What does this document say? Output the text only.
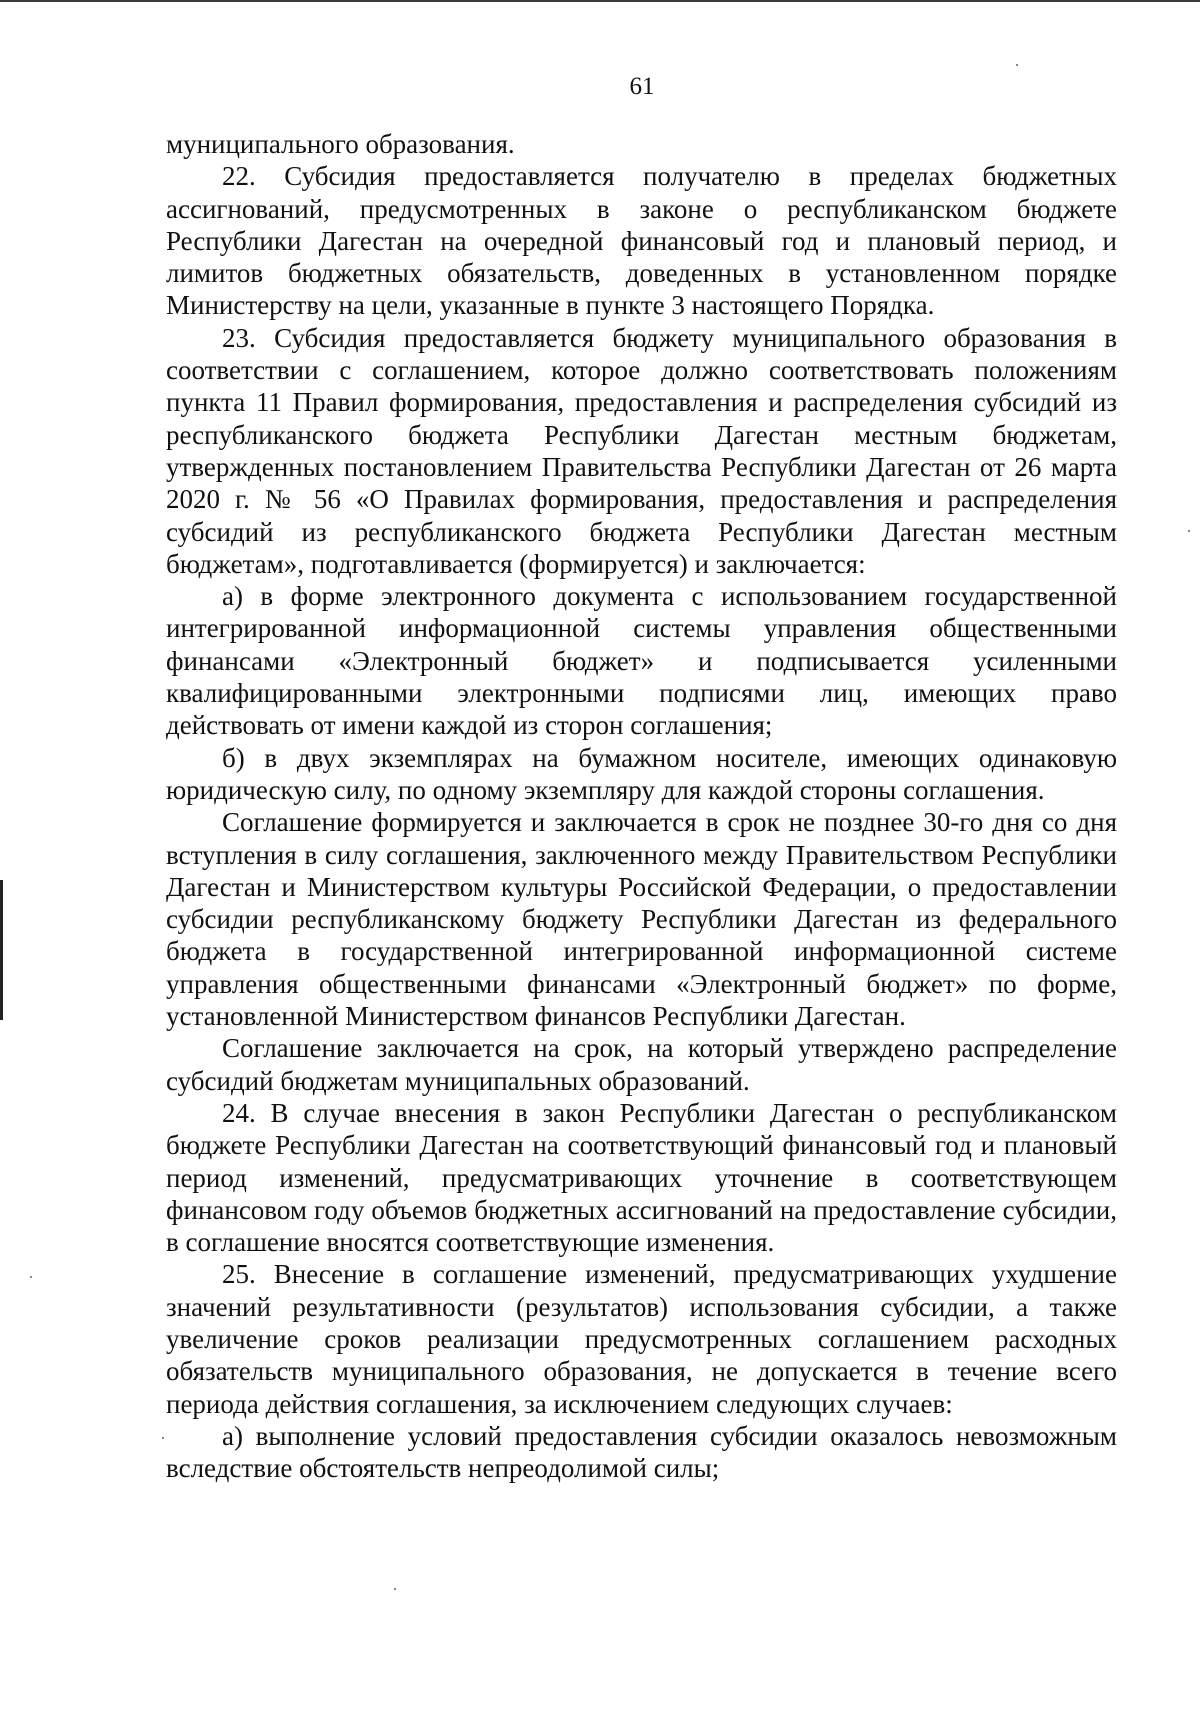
61

муниципального образования.

22. Субсидия предоставляется получателю в пределах бюджетных ассигнований, предусмотренных в законе о республиканском бюджете Республики Дагестан на очередной финансовый год и плановый период, и лимитов бюджетных обязательств, доведенных в установленном порядке Министерству на цели, указанные в пункте 3 настоящего Порядка.

23. Субсидия предоставляется бюджету муниципального образования в соответствии с соглашением, которое должно соответствовать положениям пункта 11 Правил формирования, предоставления и распределения субсидий из республиканского бюджета Республики Дагестан местным бюджетам, утвержденных постановлением Правительства Республики Дагестан от 26 марта 2020 г. № 56 «О Правилах формирования, предоставления и распределения субсидий из республиканского бюджета Республики Дагестан местным бюджетам», подготавливается (формируется) и заключается:

а) в форме электронного документа с использованием государственной интегрированной информационной системы управления общественными финансами «Электронный бюджет» и подписывается усиленными квалифицированными электронными подписями лиц, имеющих право действовать от имени каждой из сторон соглашения;

б) в двух экземплярах на бумажном носителе, имеющих одинаковую юридическую силу, по одному экземпляру для каждой стороны соглашения.

Соглашение формируется и заключается в срок не позднее 30-го дня со дня вступления в силу соглашения, заключенного между Правительством Республики Дагестан и Министерством культуры Российской Федерации, о предоставлении субсидии республиканскому бюджету Республики Дагестан из федерального бюджета в государственной интегрированной информационной системе управления общественными финансами «Электронный бюджет» по форме, установленной Министерством финансов Республики Дагестан.

Соглашение заключается на срок, на который утверждено распределение субсидий бюджетам муниципальных образований.

24. В случае внесения в закон Республики Дагестан о республиканском бюджете Республики Дагестан на соответствующий финансовый год и плановый период изменений, предусматривающих уточнение в соответствующем финансовом году объемов бюджетных ассигнований на предоставление субсидии, в соглашение вносятся соответствующие изменения.

25. Внесение в соглашение изменений, предусматривающих ухудшение значений результативности (результатов) использования субсидии, а также увеличение сроков реализации предусмотренных соглашением расходных обязательств муниципального образования, не допускается в течение всего периода действия соглашения, за исключением следующих случаев:

а) выполнение условий предоставления субсидии оказалось невозможным вследствие обстоятельств непреодолимой силы;
